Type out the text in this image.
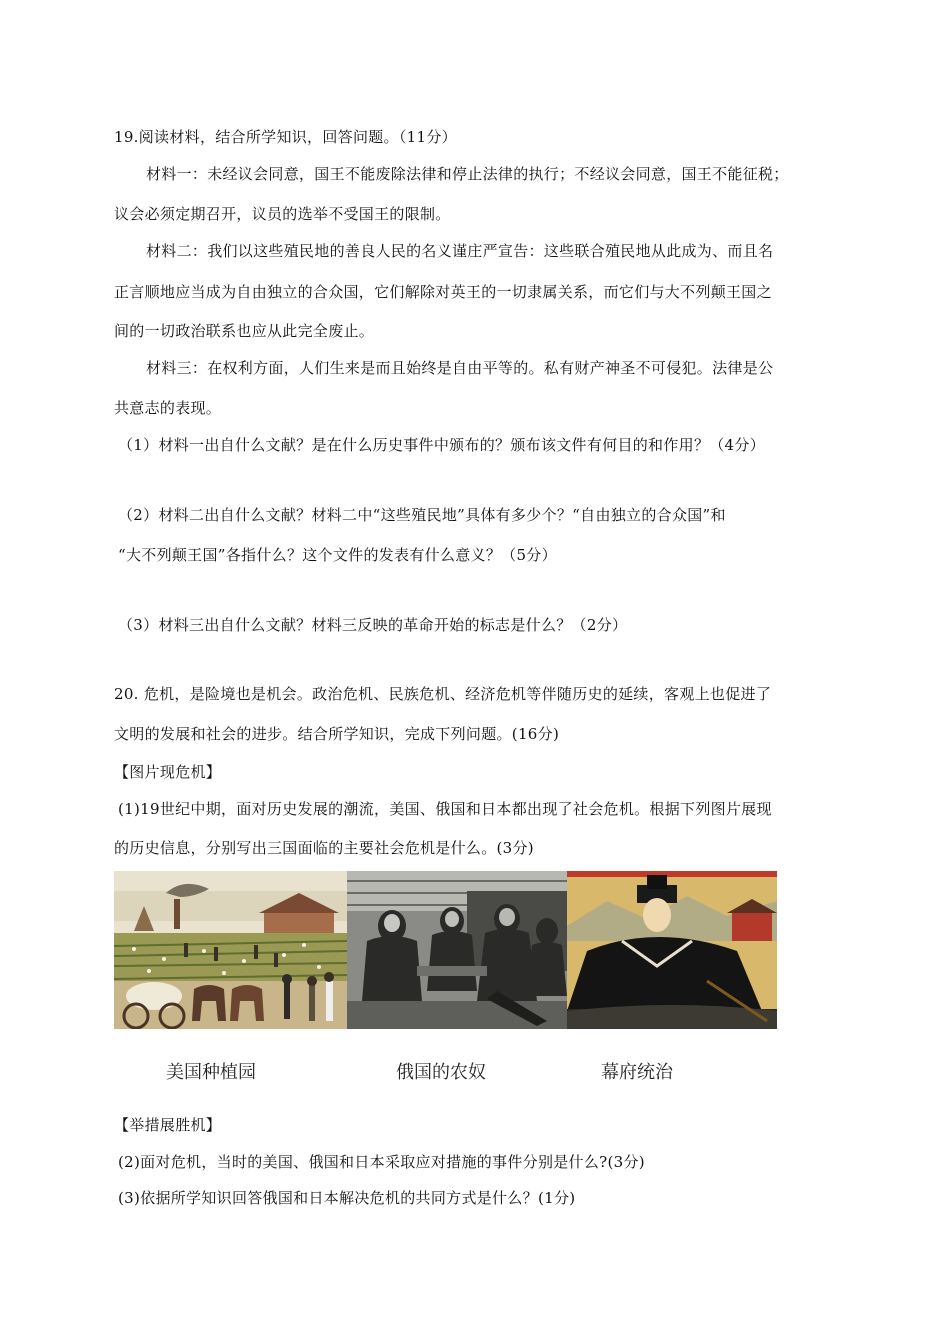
19.阅读材料，结合所学知识，回答问题。（11分）
材料一：未经议会同意，国王不能废除法律和停止法律的执行；不经议会同意，国王不能征税；
议会必须定期召开，议员的选举不受国王的限制。
材料二：我们以这些殖民地的善良人民的名义谨庄严宣告：这些联合殖民地从此成为、而且名
正言顺地应当成为自由独立的合众国，它们解除对英王的一切隶属关系，而它们与大不列颠王国之
间的一切政治联系也应从此完全废止。
材料三：在权利方面，人们生来是而且始终是自由平等的。私有财产神圣不可侵犯。法律是公
共意志的表现。
（1）材料一出自什么文献？是在什么历史事件中颁布的？颁布该文件有何目的和作用？（4分）
（2）材料二出自什么文献？材料二中“这些殖民地”具体有多少个？“自由独立的合众国”和
“大不列颠王国”各指什么？这个文件的发表有什么意义？（5分）
（3）材料三出自什么文献？材料三反映的革命开始的标志是什么？（2分）
20. 危机，是险境也是机会。政治危机、民族危机、经济危机等伴随历史的延续，客观上也促进了
文明的发展和社会的进步。结合所学知识，完成下列问题。(16分)
【图片现危机】
(1)19世纪中期，面对历史发展的潮流，美国、俄国和日本都出现了社会危机。根据下列图片展现
的历史信息，分别写出三国面临的主要社会危机是什么。(3分)
美国种植园	俄国的农奴	幕府统治
【举措展胜机】
(2)面对危机，当时的美国、俄国和日本采取应对措施的事件分别是什么?(3分)
(3)依据所学知识回答俄国和日本解决危机的共同方式是什么？(1分)
